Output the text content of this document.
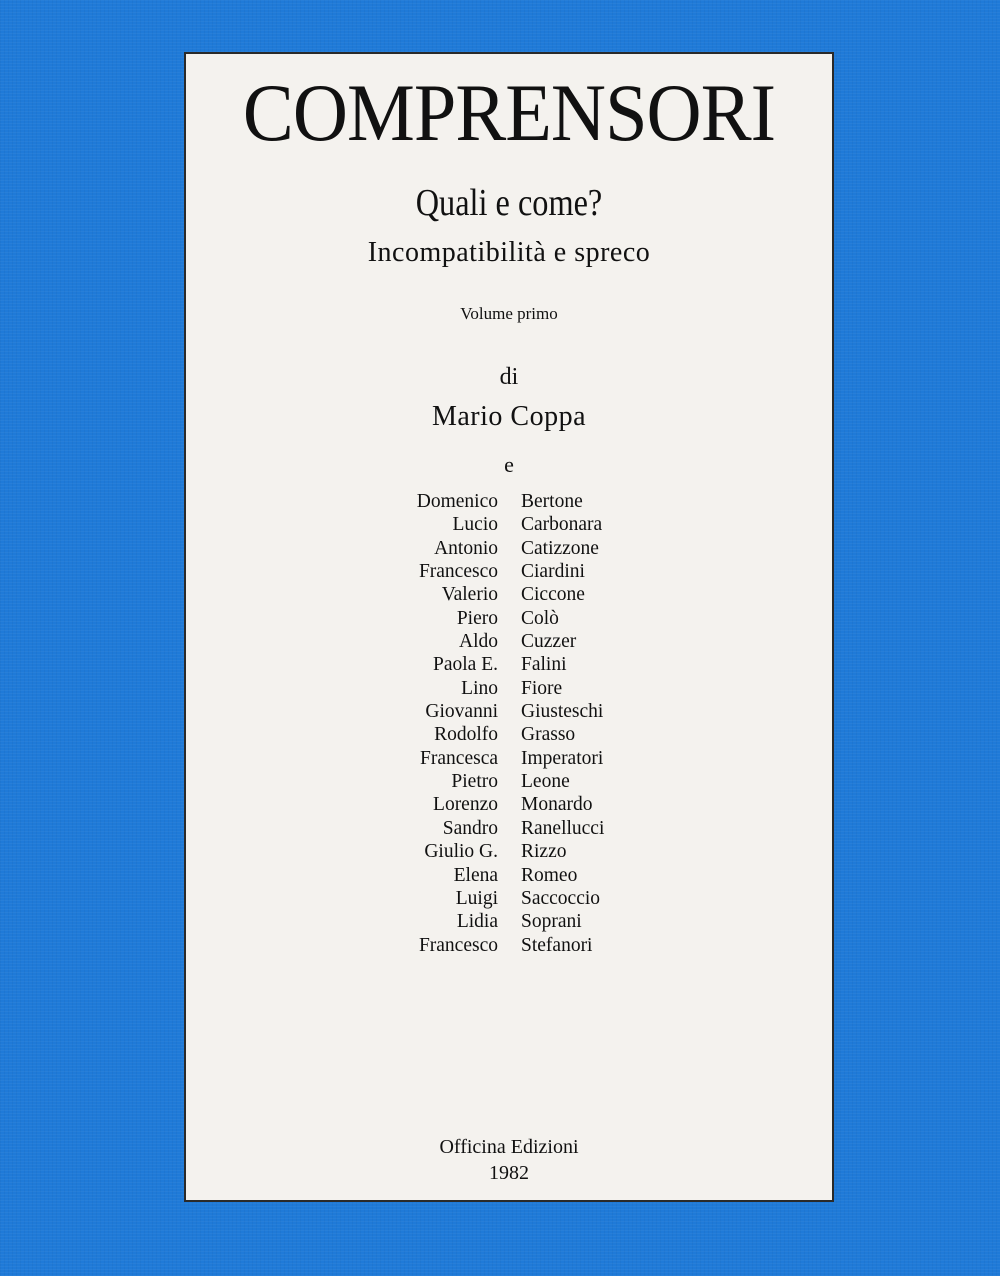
COMPRENSORI
Quali e come?
Incompatibilità e spreco
Volume primo
di
Mario Coppa
e
Domenico Bertone
Lucio Carbonara
Antonio Catizzone
Francesco Ciardini
Valerio Ciccone
Piero Colò
Aldo Cuzzer
Paola E. Falini
Lino Fiore
Giovanni Giusteschi
Rodolfo Grasso
Francesca Imperatori
Pietro Leone
Lorenzo Monardo
Sandro Ranellucci
Giulio G. Rizzo
Elena Romeo
Luigi Saccoccio
Lidia Soprani
Francesco Stefanori
Officina Edizioni
1982
